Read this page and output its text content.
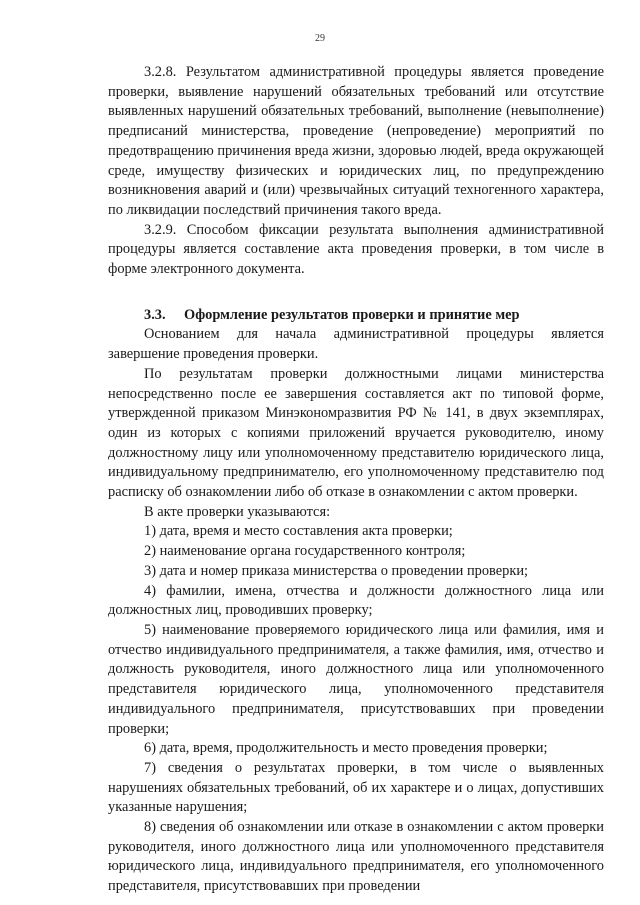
29

3.2.8. Результатом административной процедуры является проведение проверки, выявление нарушений обязательных требований или отсутствие выявленных нарушений обязательных требований, выполнение (невыполнение) предписаний министерства, проведение (непроведение) мероприятий по предотвращению причинения вреда жизни, здоровью людей, вреда окружающей среде, имуществу физических и юридических лиц, по предупреждению возникновения аварий и (или) чрезвычайных ситуаций техногенного характера, по ликвидации последствий причинения такого вреда.

3.2.9. Способом фиксации результата выполнения административной процедуры является составление акта проведения проверки, в том числе в форме электронного документа.

3.3. Оформление результатов проверки и принятие мер

Основанием для начала административной процедуры является завершение проведения проверки.

По результатам проверки должностными лицами министерства непосредственно после ее завершения составляется акт по типовой форме, утвержденной приказом Минэкономразвития РФ № 141, в двух экземплярах, один из которых с копиями приложений вручается руководителю, иному должностному лицу или уполномоченному представителю юридического лица, индивидуальному предпринимателю, его уполномоченному представителю под расписку об ознакомлении либо об отказе в ознакомлении с актом проверки.

В акте проверки указываются:

1) дата, время и место составления акта проверки;

2) наименование органа государственного контроля;

3) дата и номер приказа министерства о проведении проверки;

4) фамилии, имена, отчества и должности должностного лица или должностных лиц, проводивших проверку;

5) наименование проверяемого юридического лица или фамилия, имя и отчество индивидуального предпринимателя, а также фамилия, имя, отчество и должность руководителя, иного должностного лица или уполномоченного представителя юридического лица, уполномоченного представителя индивидуального предпринимателя, присутствовавших при проведении проверки;

6) дата, время, продолжительность и место проведения проверки;

7) сведения о результатах проверки, в том числе о выявленных нарушениях обязательных требований, об их характере и о лицах, допустивших указанные нарушения;

8) сведения об ознакомлении или отказе в ознакомлении с актом проверки руководителя, иного должностного лица или уполномоченного представителя юридического лица, индивидуального предпринимателя, его уполномоченного представителя, присутствовавших при проведении
